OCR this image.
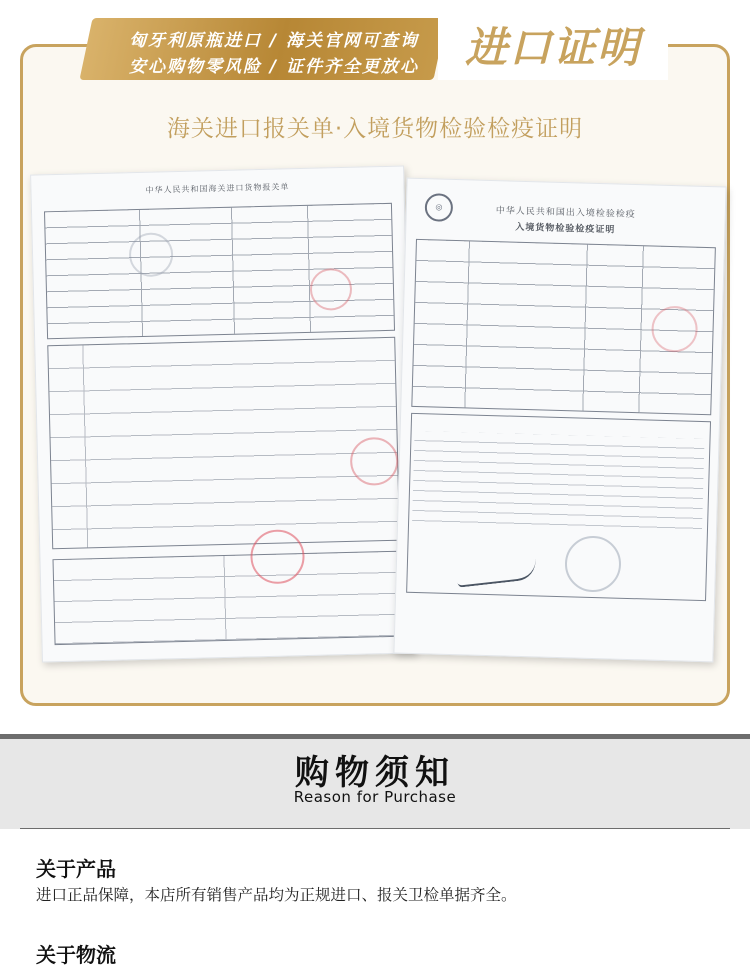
匈牙利原瓶进口 / 海关官网可查询
安心购物零风险 / 证件齐全更放心	进口证明
海关进口报关单·入境货物检验检疫证明
中华人民共和国海关进口货物报关单
◎	中华人民共和国出入境检验检疫
入境货物检验检疫证明
购物须知
Reason for Purchase
关于产品
进口正品保障，本店所有销售产品均为正规进口、报关卫检单据齐全。
关于物流
